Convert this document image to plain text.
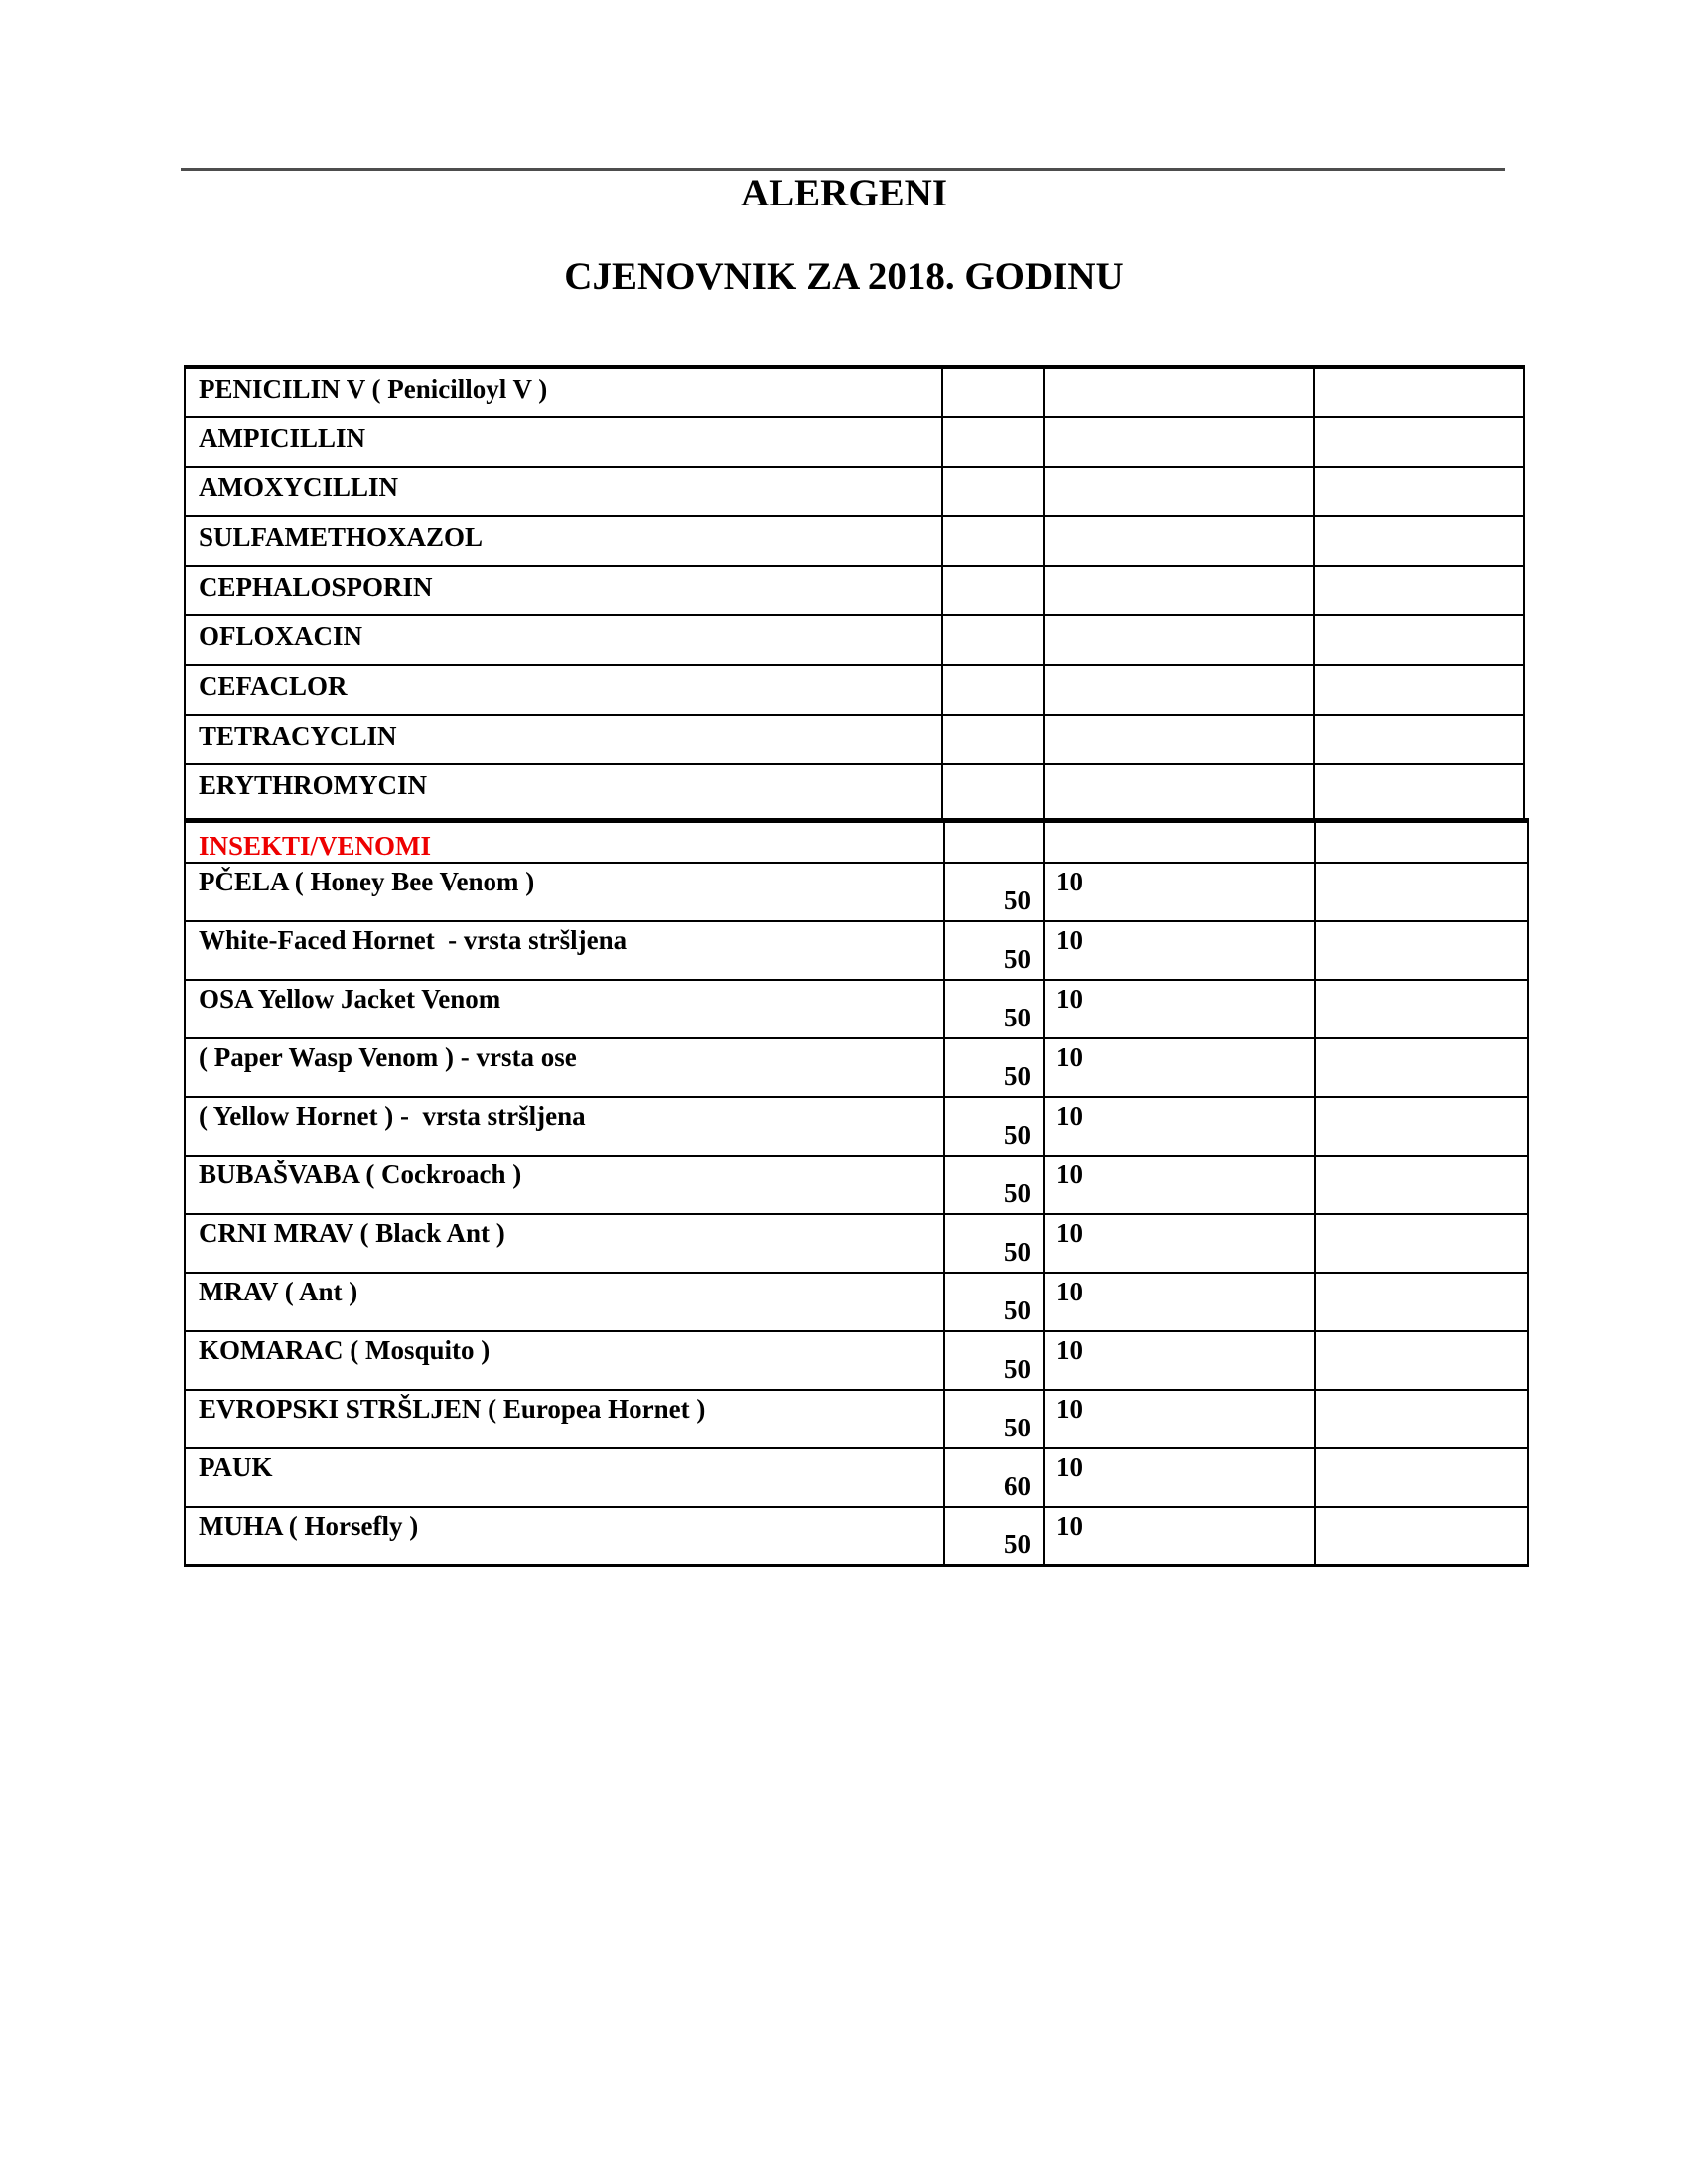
ALERGENI
CJENOVNIK ZA 2018. GODINU
PENICILIN V ( Penicilloyl V )			
AMPICILLIN			
AMOXYCILLIN			
SULFAMETHOXAZOL			
CEPHALOSPORIN			
OFLOXACIN			
CEFACLOR			
TETRACYCLIN			
ERYTHROMYCIN			
INSEKTI/VENOMI			
PČELA ( Honey Bee Venom )	50	10	
White-Faced Hornet  - vrsta stršljena	50	10	
OSA Yellow Jacket Venom	50	10	
( Paper Wasp Venom ) - vrsta ose	50	10	
( Yellow Hornet ) -  vrsta stršljena	50	10	
BUBAŠVABA ( Cockroach )	50	10	
CRNI MRAV ( Black Ant )	50	10	
MRAV ( Ant )	50	10	
KOMARAC ( Mosquito )	50	10	
EVROPSKI STRŠLJEN ( Europea Hornet )	50	10	
PAUK	60	10	
MUHA ( Horsefly )	50	10	
